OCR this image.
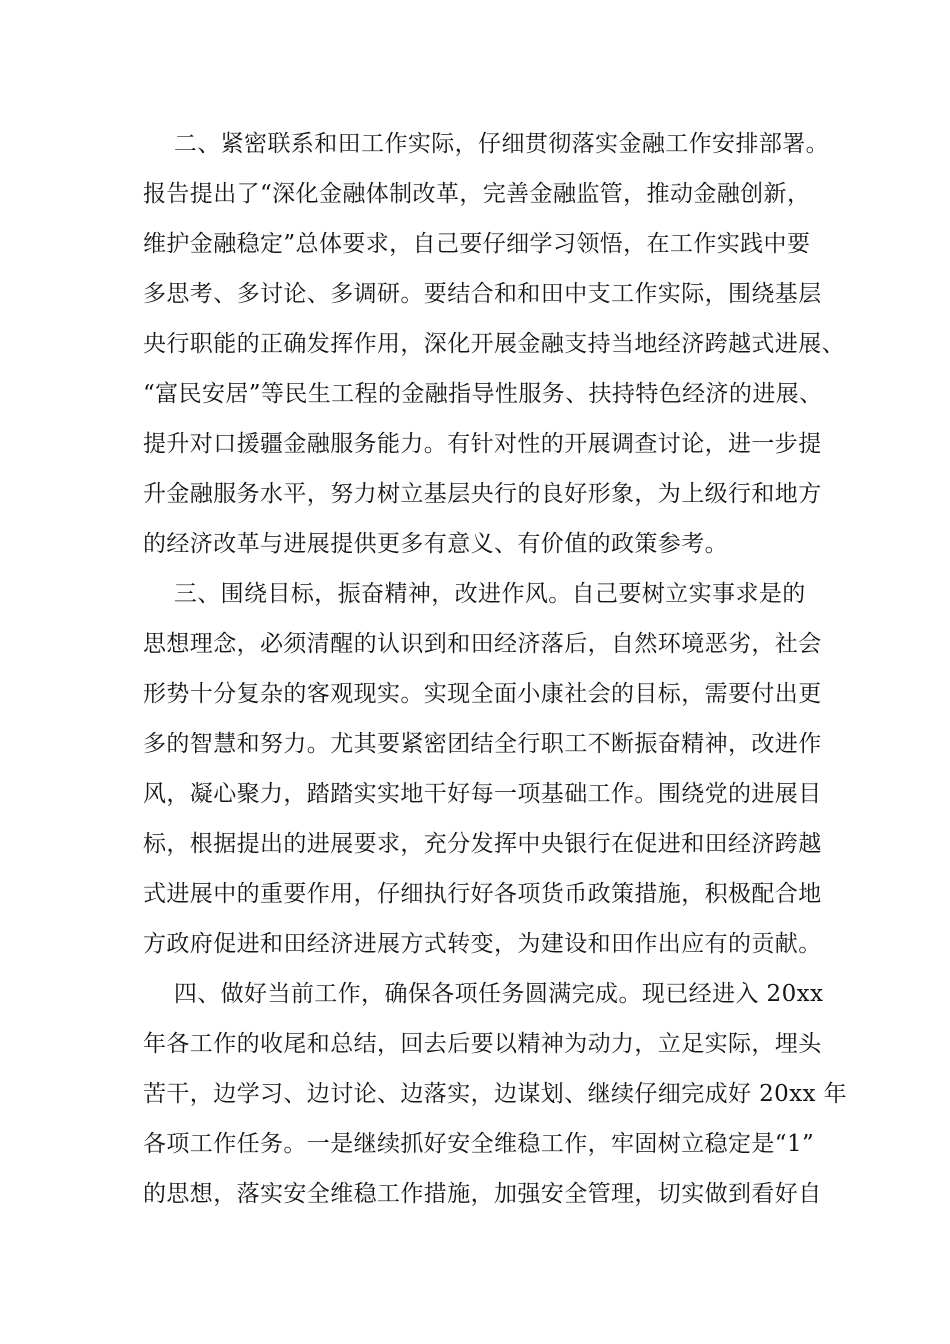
二、紧密联系和田工作实际，仔细贯彻落实金融工作安排部署。
报告提出了“深化金融体制改革，完善金融监管，推动金融创新，
维护金融稳定”总体要求，自己要仔细学习领悟，在工作实践中要
多思考、多讨论、多调研。要结合和和田中支工作实际，围绕基层
央行职能的正确发挥作用，深化开展金融支持当地经济跨越式进展、
“富民安居”等民生工程的金融指导性服务、扶持特色经济的进展、
提升对口援疆金融服务能力。有针对性的开展调查讨论，进一步提
升金融服务水平，努力树立基层央行的良好形象，为上级行和地方
的经济改革与进展提供更多有意义、有价值的政策参考。
三、围绕目标，振奋精神，改进作风。自己要树立实事求是的
思想理念，必须清醒的认识到和田经济落后，自然环境恶劣，社会
形势十分复杂的客观现实。实现全面小康社会的目标，需要付出更
多的智慧和努力。尤其要紧密团结全行职工不断振奋精神，改进作
风，凝心聚力，踏踏实实地干好每一项基础工作。围绕党的进展目
标，根据提出的进展要求，充分发挥中央银行在促进和田经济跨越
式进展中的重要作用，仔细执行好各项货币政策措施，积极配合地
方政府促进和田经济进展方式转变，为建设和田作出应有的贡献。
四、做好当前工作，确保各项任务圆满完成。现已经进入 20xx
年各工作的收尾和总结，回去后要以精神为动力，立足实际，埋头
苦干，边学习、边讨论、边落实，边谋划、继续仔细完成好 20xx 年
各项工作任务。一是继续抓好安全维稳工作，牢固树立稳定是“1”
的思想，落实安全维稳工作措施，加强安全管理，切实做到看好自
